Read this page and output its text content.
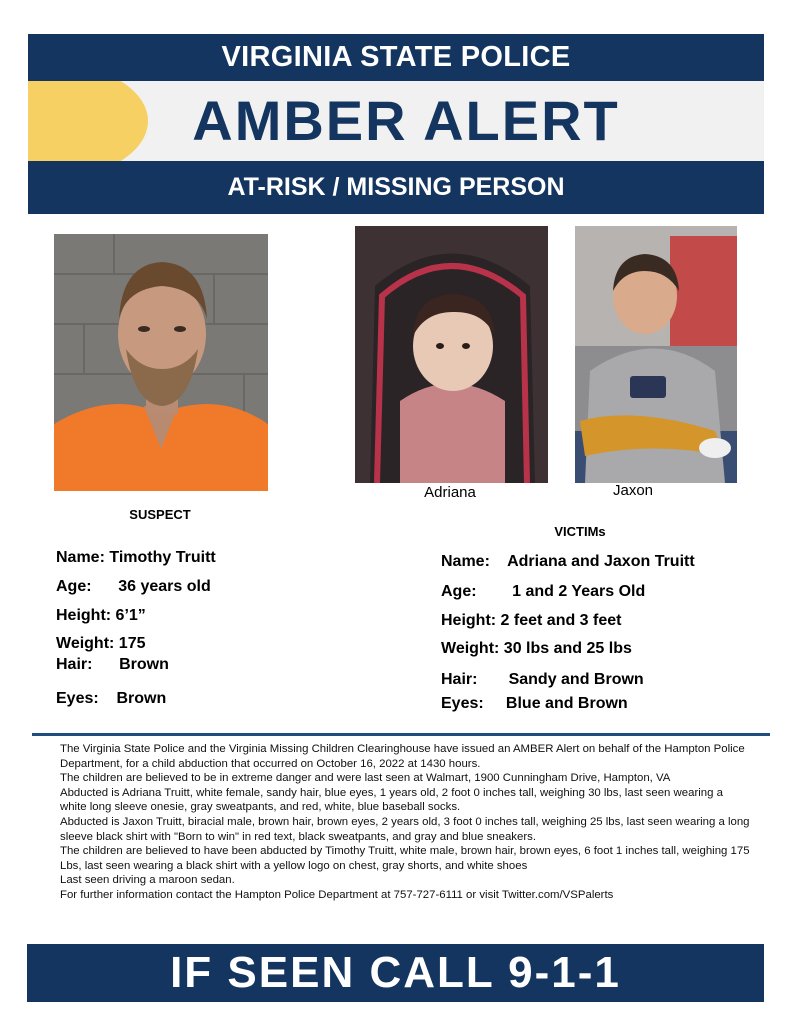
VIRGINIA STATE POLICE
AMBER ALERT
AT-RISK / MISSING PERSON
Adriana	Jaxon
SUSPECT
VICTIMs
Name: Timothy Truitt
Age:      36 years old
Height: 6’1”
Weight: 175
Hair:      Brown
Eyes:    Brown
Name:    Adriana and Jaxon Truitt
Age:        1 and 2 Years Old
Height: 2 feet and 3 feet
Weight: 30 lbs and 25 lbs
Hair:       Sandy and Brown
Eyes:     Blue and Brown

The Virginia State Police and the Virginia Missing Children Clearinghouse have issued an AMBER Alert on behalf of the Hampton Police Department, for a child abduction that occurred on October 16, 2022 at 1430 hours.

The children are believed to be in extreme danger and were last seen at Walmart, 1900 Cunningham Drive, Hampton, VA

Abducted is Adriana Truitt, white female, sandy hair, blue eyes, 1 years old, 2 foot 0 inches tall, weighing 30 lbs, last seen wearing a white long sleeve onesie, gray sweatpants, and red, white, blue baseball socks.

Abducted is Jaxon Truitt, biracial male, brown hair, brown eyes, 2 years old, 3 foot 0 inches tall, weighing 25 lbs, last seen wearing a long sleeve black shirt with "Born to win" in red text, black sweatpants, and gray and blue sneakers.

The children are believed to have been abducted by Timothy Truitt, white male, brown hair, brown eyes, 6 foot 1 inches tall, weighing 175 Lbs, last seen wearing a black shirt with a yellow logo on chest, gray shorts, and white shoes

Last seen driving a maroon sedan.

For further information contact the Hampton Police Department at 757-727-6111 or visit Twitter.com/VSPalerts

IF SEEN CALL 9-1-1
